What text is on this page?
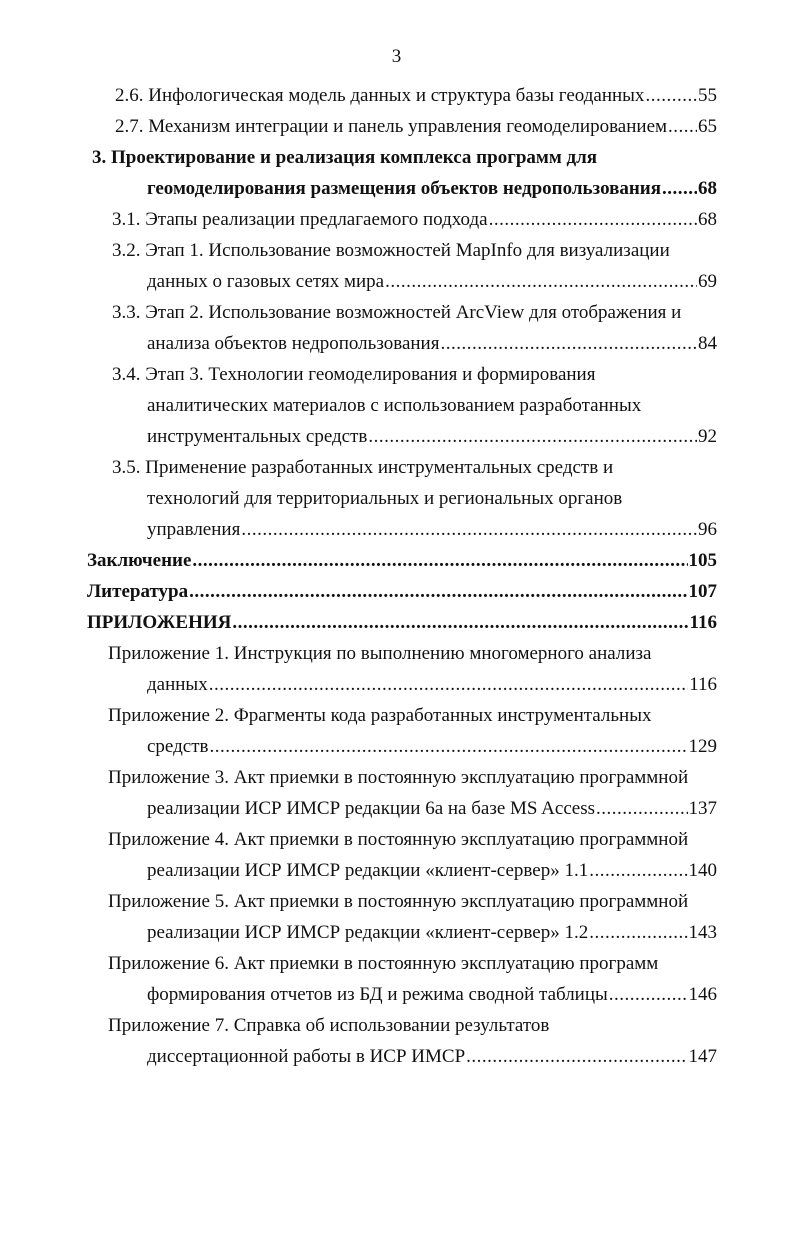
3
2.6. Инфологическая модель данных и структура базы геоданных .....	55
2.7. Механизм интеграции и панель управления геомоделированием ..... 65
3. Проектирование и реализация комплекса программ для
геомоделирования размещения объектов недропользования ..... 68
3.1. Этапы реализации предлагаемого подхода .....	68
3.2. Этап 1. Использование возможностей MapInfo для визуализации
данных о газовых сетях мира .....	69
3.3. Этап 2. Использование возможностей ArcView для отображения и
анализа объектов недропользования .....	84
3.4. Этап 3. Технологии геомоделирования и формирования
аналитических материалов с использованием разработанных
инструментальных средств .....	92
3.5. Применение разработанных инструментальных средств и
технологий для территориальных и региональных органов
управления .....	96
Заключение .....	105
Литература .....	107
ПРИЛОЖЕНИЯ .....	116
Приложение 1. Инструкция по выполнению многомерного анализа
данных .....	116
Приложение 2. Фрагменты кода разработанных инструментальных
средств .....	129
Приложение 3. Акт приемки в постоянную эксплуатацию программной
реализации ИСР ИМСР редакции 6а на базе MS Access .....	137
Приложение 4. Акт приемки в постоянную эксплуатацию программной
реализации ИСР ИМСР редакции «клиент-сервер» 1.1 .....	140
Приложение 5. Акт приемки в постоянную эксплуатацию программной
реализации ИСР ИМСР редакции «клиент-сервер» 1.2 .....	143
Приложение 6. Акт приемки в постоянную эксплуатацию программ
формирования отчетов из БД и режима сводной таблицы .....	146
Приложение 7. Справка об использовании результатов
диссертационной работы в ИСР ИМСР .....	147
